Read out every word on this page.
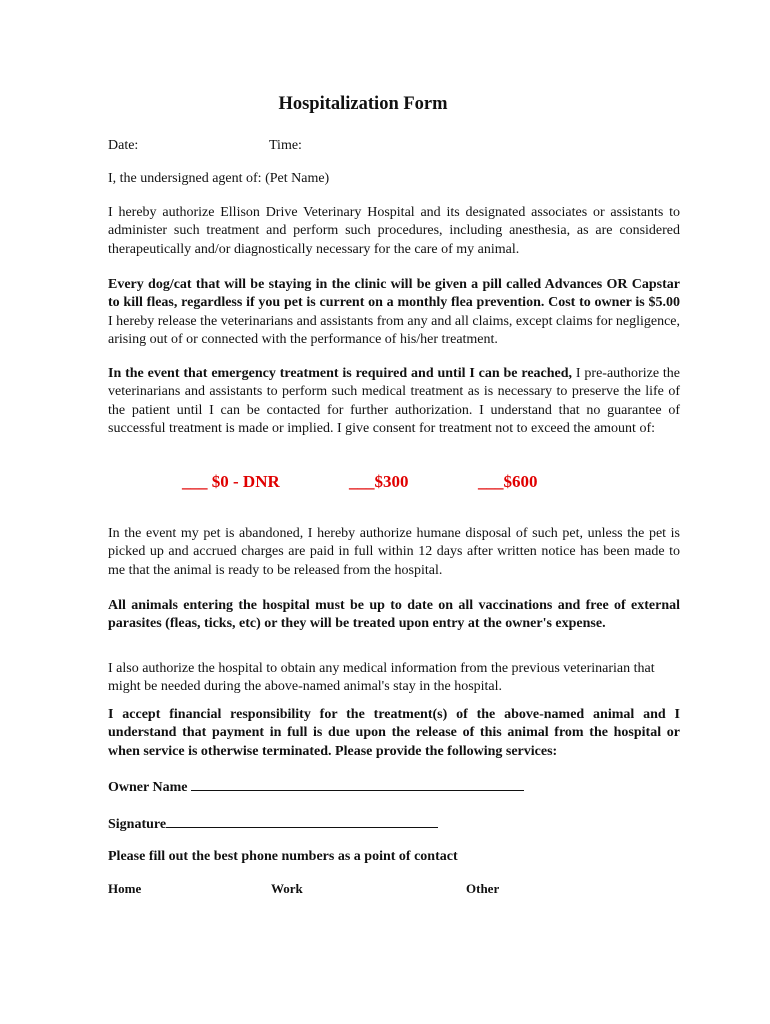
Hospitalization Form
Date:	Time:
I, the undersigned agent of: (Pet Name)
I hereby authorize Ellison Drive Veterinary Hospital and its designated associates or assistants to administer such treatment and perform such procedures, including anesthesia, as are considered therapeutically and/or diagnostically necessary for the care of my animal.
Every dog/cat that will be staying in the clinic will be given a pill called Advances OR Capstar to kill fleas, regardless if you pet is current on a monthly flea prevention. Cost to owner is $5.00 I hereby release the veterinarians and assistants from any and all claims, except claims for negligence, arising out of or connected with the performance of his/her treatment.
In the event that emergency treatment is required and until I can be reached, I pre-authorize the veterinarians and assistants to perform such medical treatment as is necessary to preserve the life of the patient until I can be contacted for further authorization. I understand that no guarantee of successful treatment is made or implied. I give consent for treatment not to exceed the amount of:
___ $0 - DNR	___$300	___$600
In the event my pet is abandoned, I hereby authorize humane disposal of such pet, unless the pet is picked up and accrued charges are paid in full within 12 days after written notice has been made to me that the animal is ready to be released from the hospital.
All animals entering the hospital must be up to date on all vaccinations and free of external parasites (fleas, ticks, etc) or they will be treated upon entry at the owner's expense.
I also authorize the hospital to obtain any medical information from the previous veterinarian that might be needed during the above-named animal's stay in the hospital.
I accept financial responsibility for the treatment(s) of the above-named animal and I understand that payment in full is due upon the release of this animal from the hospital or when service is otherwise terminated. Please provide the following services:
Owner Name
Signature
Please fill out the best phone numbers as a point of contact
Home	Work	Other
